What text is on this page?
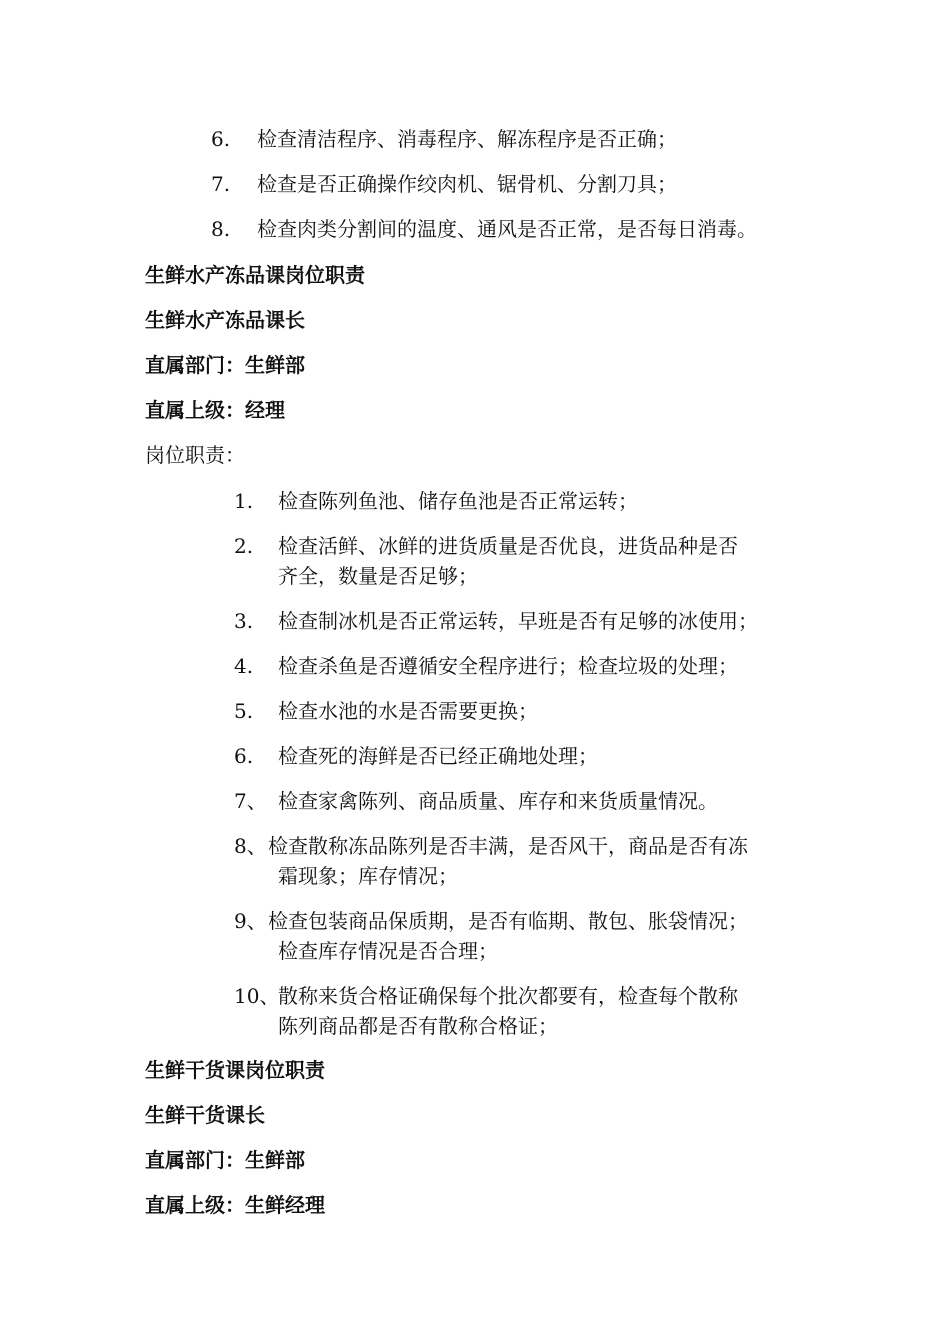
6. 检查清洁程序、消毒程序、解冻程序是否正确；
7. 检查是否正确操作绞肉机、锯骨机、分割刀具；
8. 检查肉类分割间的温度、通风是否正常，是否每日消毒。
生鲜水产冻品课岗位职责
生鲜水产冻品课长
直属部门：生鲜部
直属上级：经理
岗位职责：
1. 检查陈列鱼池、储存鱼池是否正常运转；
2. 检查活鲜、冰鲜的进货质量是否优良，进货品种是否
齐全，数量是否足够；
3. 检查制冰机是否正常运转，早班是否有足够的冰使用；
4. 检查杀鱼是否遵循安全程序进行；检查垃圾的处理；
5. 检查水池的水是否需要更换；
6. 检查死的海鲜是否已经正确地处理；
7、 检查家禽陈列、商品质量、库存和来货质量情况。
8、检查散称冻品陈列是否丰满，是否风干，商品是否有冻
霜现象；库存情况；
9、检查包装商品保质期，是否有临期、散包、胀袋情况；
检查库存情况是否合理；
10、散称来货合格证确保每个批次都要有，检查每个散称
陈列商品都是否有散称合格证；
生鲜干货课岗位职责
生鲜干货课长
直属部门：生鲜部
直属上级：生鲜经理
